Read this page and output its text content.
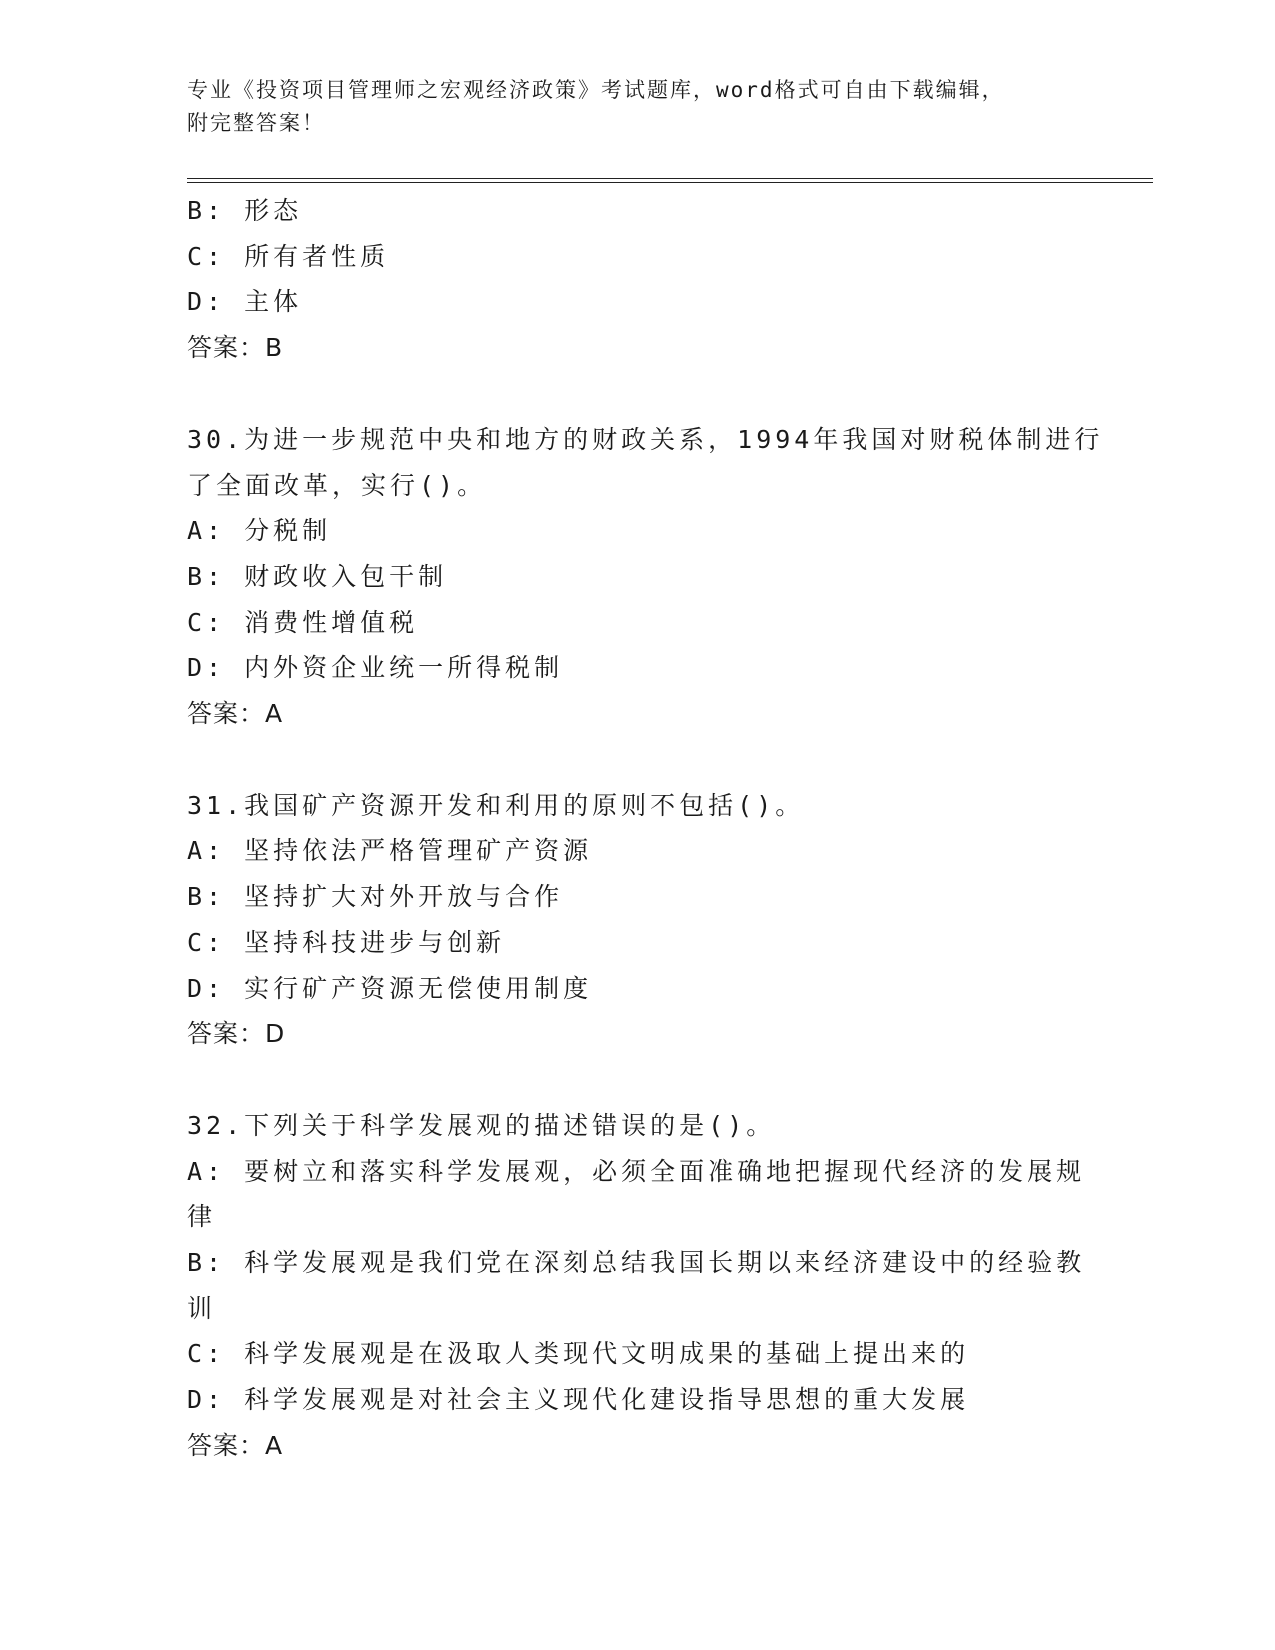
专业《投资项目管理师之宏观经济政策》考试题库，word格式可自由下载编辑，
附完整答案！
B: 形态
C: 所有者性质
D: 主体
答案：B
30.为进一步规范中央和地方的财政关系，1994年我国对财税体制进行
了全面改革，实行()。
A: 分税制
B: 财政收入包干制
C: 消费性增值税
D: 内外资企业统一所得税制
答案：A
31.我国矿产资源开发和利用的原则不包括()。
A: 坚持依法严格管理矿产资源
B: 坚持扩大对外开放与合作
C: 坚持科技进步与创新
D: 实行矿产资源无偿使用制度
答案：D
32.下列关于科学发展观的描述错误的是()。
A: 要树立和落实科学发展观，必须全面准确地把握现代经济的发展规
律
B: 科学发展观是我们党在深刻总结我国长期以来经济建设中的经验教
训
C: 科学发展观是在汲取人类现代文明成果的基础上提出来的
D: 科学发展观是对社会主义现代化建设指导思想的重大发展
答案：A
